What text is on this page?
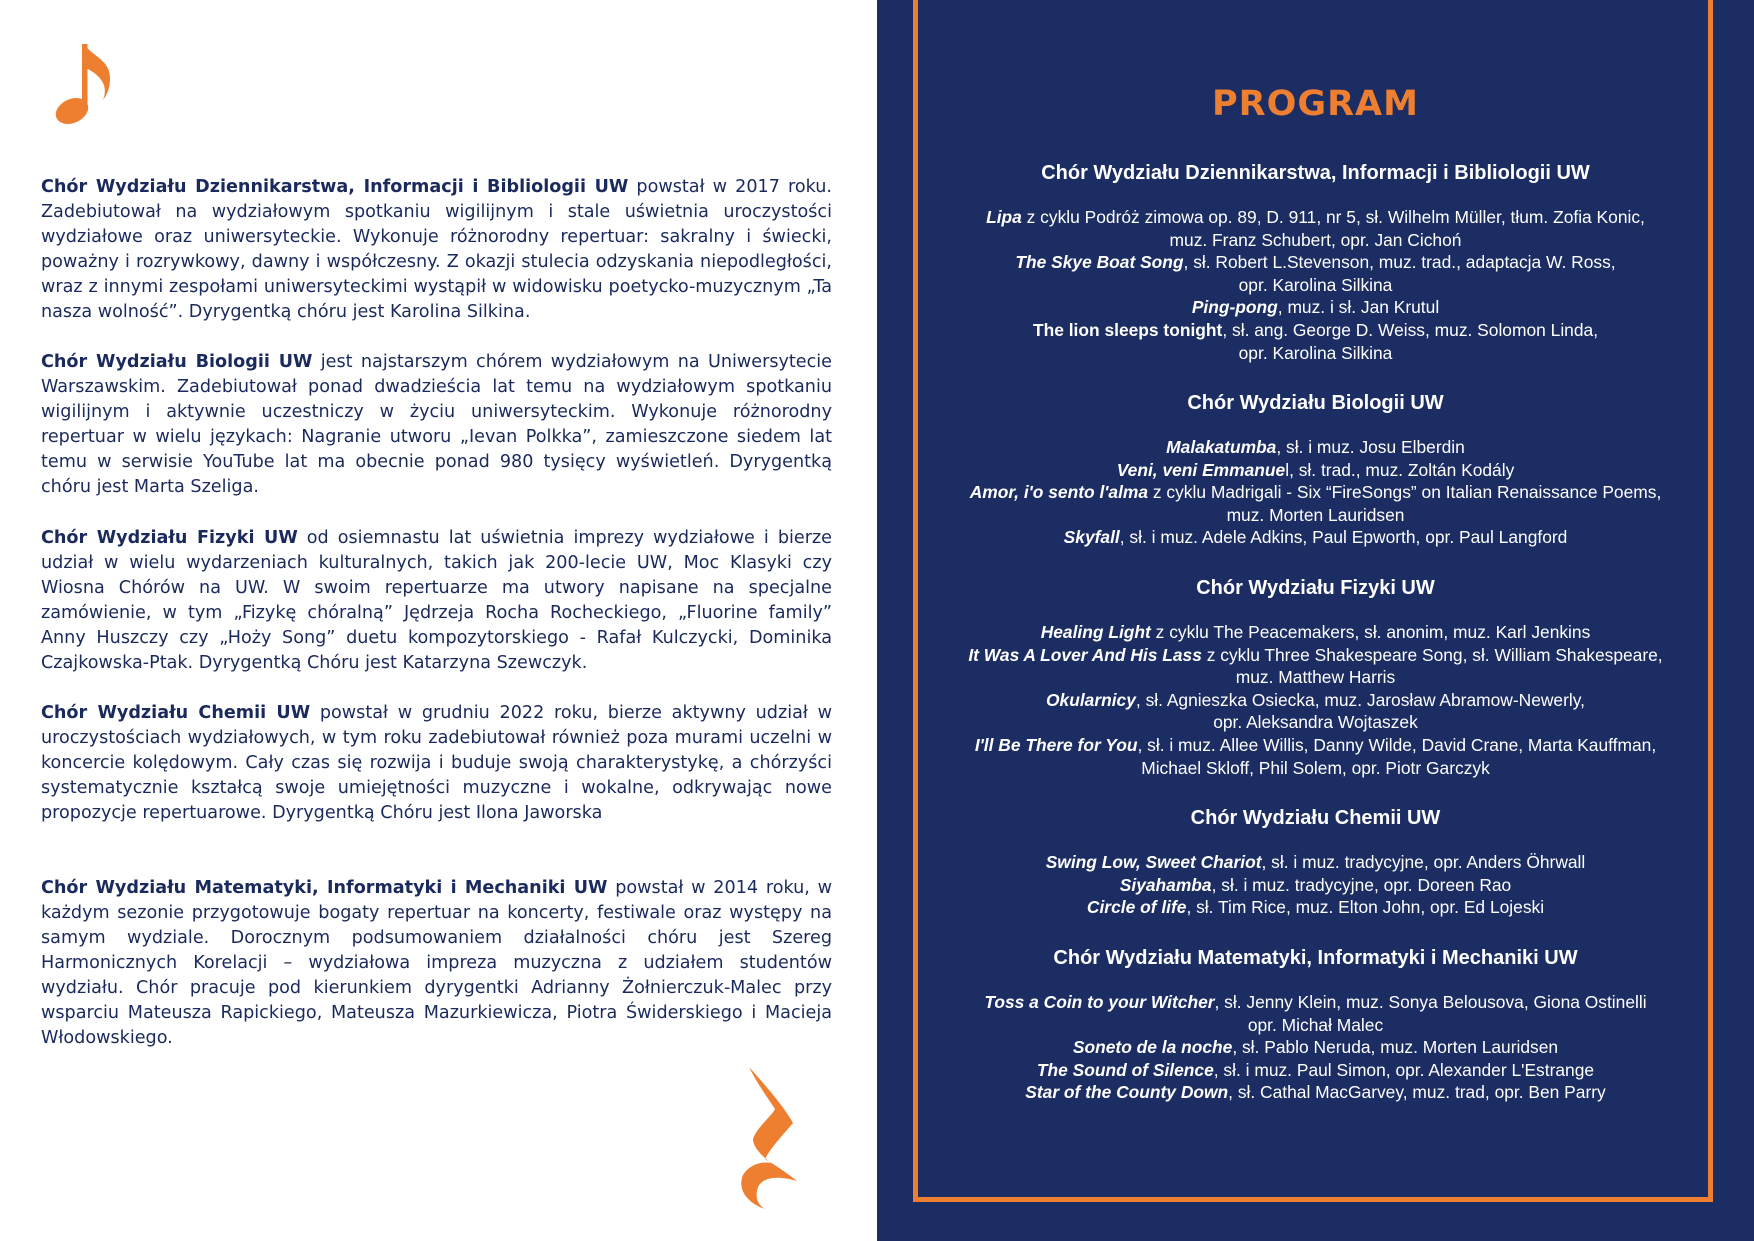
Chór Wydziału Dziennikarstwa, Informacji i Bibliologii UW powstał w 2017 roku. Zadebiutował na wydziałowym spotkaniu wigilijnym i stale uświetnia uroczystości wydziałowe oraz uniwersyteckie. Wykonuje różnorodny repertuar: sakralny i świecki, poważny i rozrywkowy, dawny i współczesny. Z okazji stulecia odzyskania niepodległości, wraz z innymi zespołami uniwersyteckimi wystąpił w widowisku poetycko-muzycznym „Ta nasza wolność”. Dyrygentką chóru jest Karolina Silkina.

Chór Wydziału Biologii UW jest najstarszym chórem wydziałowym na Uniwersytecie Warszawskim. Zadebiutował ponad dwadzieścia lat temu na wydziałowym spotkaniu wigilijnym i aktywnie uczestniczy w życiu uniwersyteckim. Wykonuje różnorodny repertuar w wielu językach: Nagranie utworu „Ievan Polkka”, zamieszczone siedem lat temu w serwisie YouTube lat ma obecnie ponad 980 tysięcy wyświetleń. Dyrygentką chóru jest Marta Szeliga.

Chór Wydziału Fizyki UW od osiemnastu lat uświetnia imprezy wydziałowe i bierze udział w wielu wydarzeniach kulturalnych, takich jak 200-lecie UW, Moc Klasyki czy Wiosna Chórów na UW. W swoim repertuarze ma utwory napisane na specjalne zamówienie, w tym „Fizykę chóralną” Jędrzeja Rocha Rocheckiego, „Fluorine family” Anny Huszczy czy „Hoży Song” duetu kompozytorskiego - Rafał Kulczycki, Dominika Czajkowska-Ptak. Dyrygentką Chóru jest Katarzyna Szewczyk.

Chór Wydziału Chemii UW powstał w grudniu 2022 roku, bierze aktywny udział w uroczystościach wydziałowych, w tym roku zadebiutował również poza murami uczelni w koncercie kolędowym. Cały czas się rozwija i buduje swoją charakterystykę, a chórzyści systematycznie kształcą swoje umiejętności muzyczne i wokalne, odkrywając nowe propozycje repertuarowe. Dyrygentką Chóru jest Ilona Jaworska

Chór Wydziału Matematyki, Informatyki i Mechaniki UW powstał w 2014 roku, w każdym sezonie przygotowuje bogaty repertuar na koncerty, festiwale oraz występy na samym wydziale. Dorocznym podsumowaniem działalności chóru jest Szereg Harmonicznych Korelacji – wydziałowa impreza muzyczna z udziałem studentów wydziału. Chór pracuje pod kierunkiem dyrygentki Adrianny Żołnierczuk-Malec przy wsparciu Mateusza Rapickiego, Mateusza Mazurkiewicza, Piotra Świderskiego i Macieja Włodowskiego.

PROGRAM

Chór Wydziału Dziennikarstwa, Informacji i Bibliologii UW

Lipa z cyklu Podróż zimowa op. 89, D. 911, nr 5, sł. Wilhelm Müller, tłum. Zofia Konic,
muz. Franz Schubert, opr. Jan Cichoń
The Skye Boat Song, sł. Robert L.Stevenson, muz. trad., adaptacja W. Ross,
opr. Karolina Silkina
Ping-pong, muz. i sł. Jan Krutul
The lion sleeps tonight, sł. ang. George D. Weiss, muz. Solomon Linda,
opr. Karolina Silkina

Chór Wydziału Biologii UW

Malakatumba, sł. i muz. Josu Elberdin
Veni, veni Emmanuel, sł. trad., muz. Zoltán Kodály
Amor, i'o sento l'alma z cyklu Madrigali - Six “FireSongs” on Italian Renaissance Poems,
muz. Morten Lauridsen
Skyfall, sł. i muz. Adele Adkins, Paul Epworth, opr. Paul Langford

Chór Wydziału Fizyki UW

Healing Light z cyklu The Peacemakers, sł. anonim, muz. Karl Jenkins
It Was A Lover And His Lass z cyklu Three Shakespeare Song, sł. William Shakespeare,
muz. Matthew Harris
Okularnicy, sł. Agnieszka Osiecka, muz. Jarosław Abramow-Newerly,
opr. Aleksandra Wojtaszek
I'll Be There for You, sł. i muz. Allee Willis, Danny Wilde, David Crane, Marta Kauffman,
Michael Skloff, Phil Solem, opr. Piotr Garczyk

Chór Wydziału Chemii UW

Swing Low, Sweet Chariot, sł. i muz. tradycyjne, opr. Anders Öhrwall
Siyahamba, sł. i muz. tradycyjne, opr. Doreen Rao
Circle of life, sł. Tim Rice, muz. Elton John, opr. Ed Lojeski

Chór Wydziału Matematyki, Informatyki i Mechaniki UW

Toss a Coin to your Witcher, sł. Jenny Klein, muz. Sonya Belousova, Giona Ostinelli
opr. Michał Malec
Soneto de la noche, sł. Pablo Neruda, muz. Morten Lauridsen
The Sound of Silence, sł. i muz. Paul Simon, opr. Alexander L'Estrange
Star of the County Down, sł. Cathal MacGarvey, muz. trad, opr. Ben Parry
